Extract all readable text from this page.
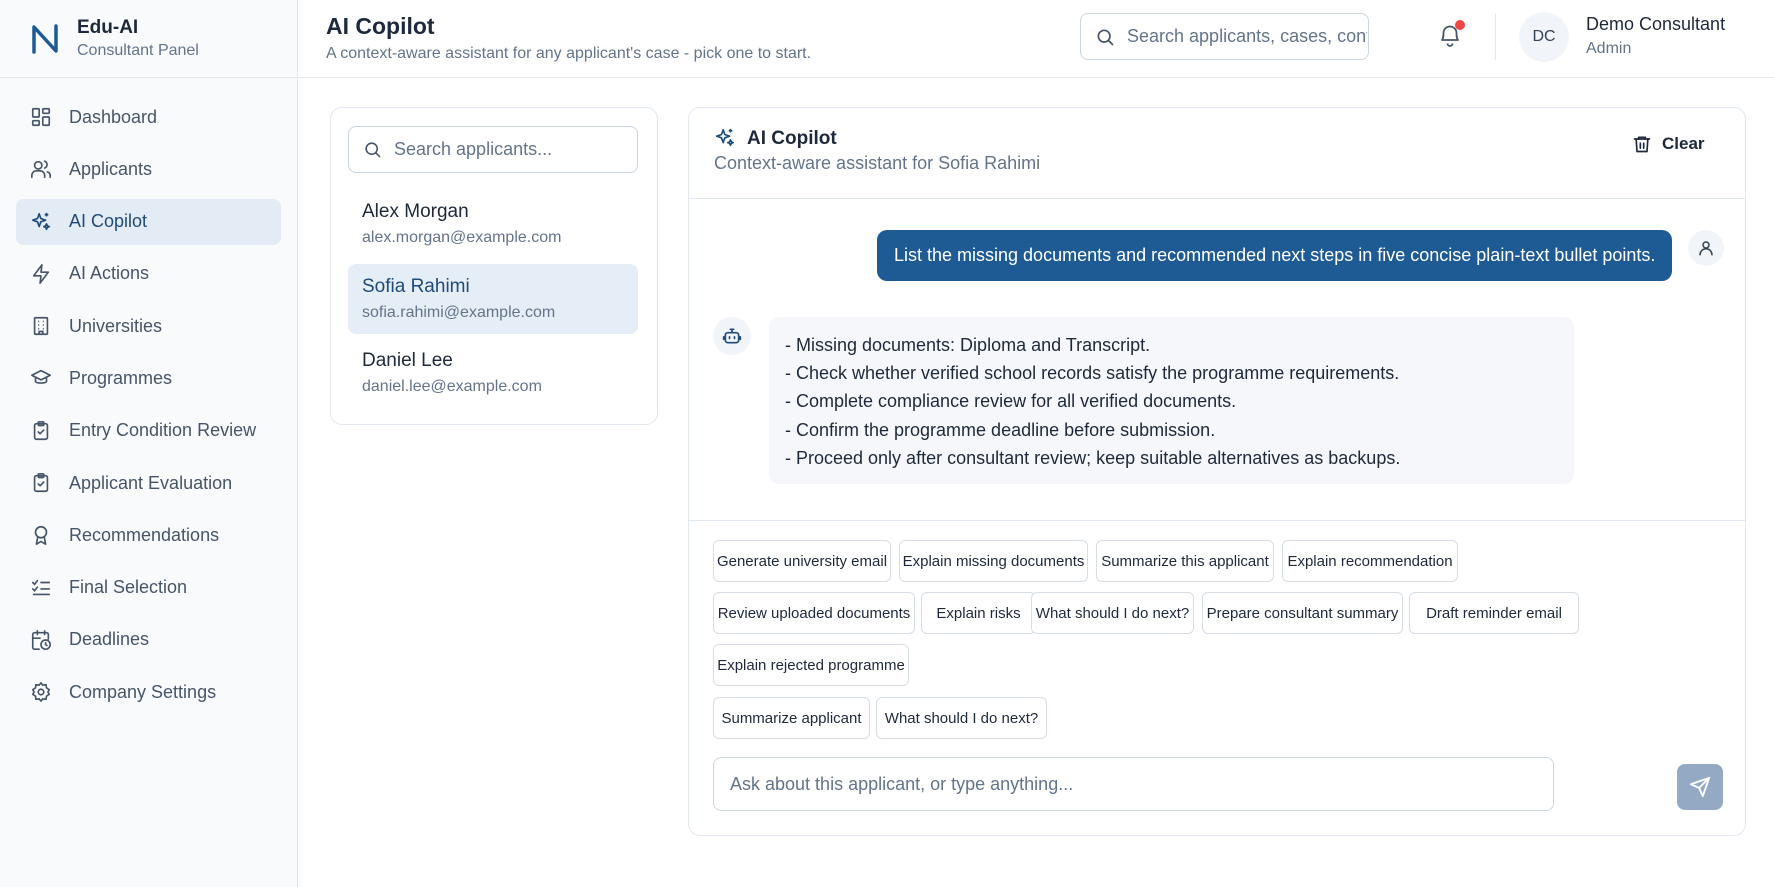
Edu-AI
Consultant Panel
Dashboard
Applicants
AI Copilot
AI Actions
Universities
Programmes
Entry Condition Review
Applicant Evaluation
Recommendations
Final Selection
Deadlines
Company Settings
AI Copilot
A context-aware assistant for any applicant's case - pick one to start.
Search applicants, cases, contracts...
DC
Demo Consultant
Admin
Search applicants...
Alex Morgan
alex.morgan@example.com
Sofia Rahimi
sofia.rahimi@example.com
Daniel Lee
daniel.lee@example.com
AI Copilot
Context-aware assistant for Sofia Rahimi
Clear
List the missing documents and recommended next steps in five concise plain-text bullet points.
- Missing documents: Diploma and Transcript.
- Check whether verified school records satisfy the programme requirements.
- Complete compliance review for all verified documents.
- Confirm the programme deadline before submission.
- Proceed only after consultant review; keep suitable alternatives as backups.
Generate university email Explain missing documents	Summarize this applicant	Explain recommendation
Review uploaded documents	Explain risks	What should I do next?	Prepare consultant summary	Draft reminder email
Explain rejected programme
Summarize applicant	What should I do next?
Ask about this applicant, or type anything...
